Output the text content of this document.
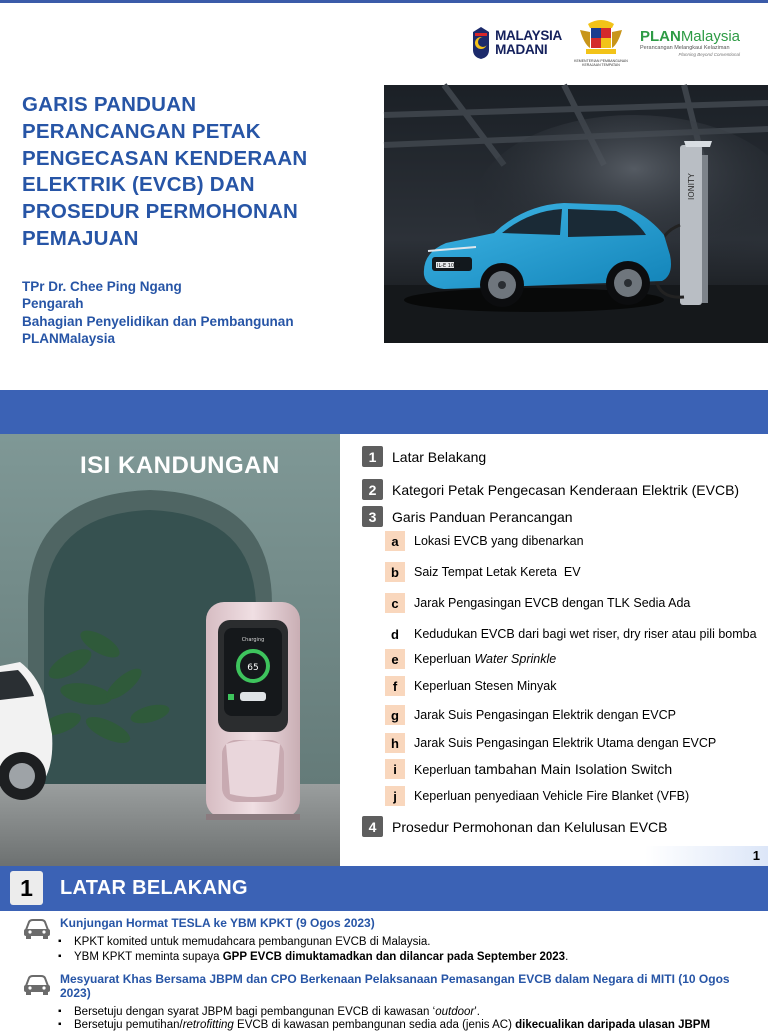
MALAYSIA
MADANI
KEMENTERIAN PEMBANGUNAN KERAJAAN TEMPATAN
PLANMalaysia
Perancangan Melangkaui Kelaziman
Planning Beyond Conventional
GARIS PANDUAN PERANCANGAN PETAK PENGECASAN KENDERAAN ELEKTRIK (EVCB) DAN PROSEDUR PERMOHONAN PEMAJUAN
TPr Dr. Chee Ping Ngang
Pengarah
Bahagian Penyelidikan dan Pembangunan
PLANMalaysia
IONITY
IL-E 1012
Charging
65
ISI KANDUNGAN	1	Latar Belakang
2	Kategori Petak Pengecasan Kenderaan Elektrik (EVCB)
3	Garis Panduan Perancangan
a	Lokasi EVCB yang dibenarkan
b	Saiz Tempat Letak Kereta  EV
c	Jarak Pengasingan EVCB dengan TLK Sedia Ada
d	Kedudukan EVCB dari bagi wet riser, dry riser atau pili bomba
e	Keperluan Water Sprinkle
f	Keperluan Stesen Minyak
g	Jarak Suis Pengasingan Elektrik dengan EVCP
h	Jarak Suis Pengasingan Elektrik Utama dengan EVCP
i	Keperluan tambahan Main Isolation Switch
j	Keperluan penyediaan Vehicle Fire Blanket (VFB)
4	Prosedur Permohonan dan Kelulusan EVCB
1
1	LATAR BELAKANG
Kunjungan Hormat TESLA ke YBM KPKT (9 Ogos 2023)
▪ KPKT komited untuk memudahcara pembangunan EVCB di Malaysia.
▪ YBM KPKT meminta supaya GPP EVCB dimuktamadkan dan dilancar pada September 2023.
Mesyuarat Khas Bersama JBPM dan CPO Berkenaan Pelaksanaan Pemasangan EVCB dalam Negara di MITI (10 Ogos
2023)
▪ Bersetuju dengan syarat JBPM bagi pembangunan EVCB di kawasan ‘outdoor’.
▪ Bersetuju pemutihan/retrofitting EVCB di kawasan pembangunan sedia ada (jenis AC) dikecualikan daripada ulasan JBPM
